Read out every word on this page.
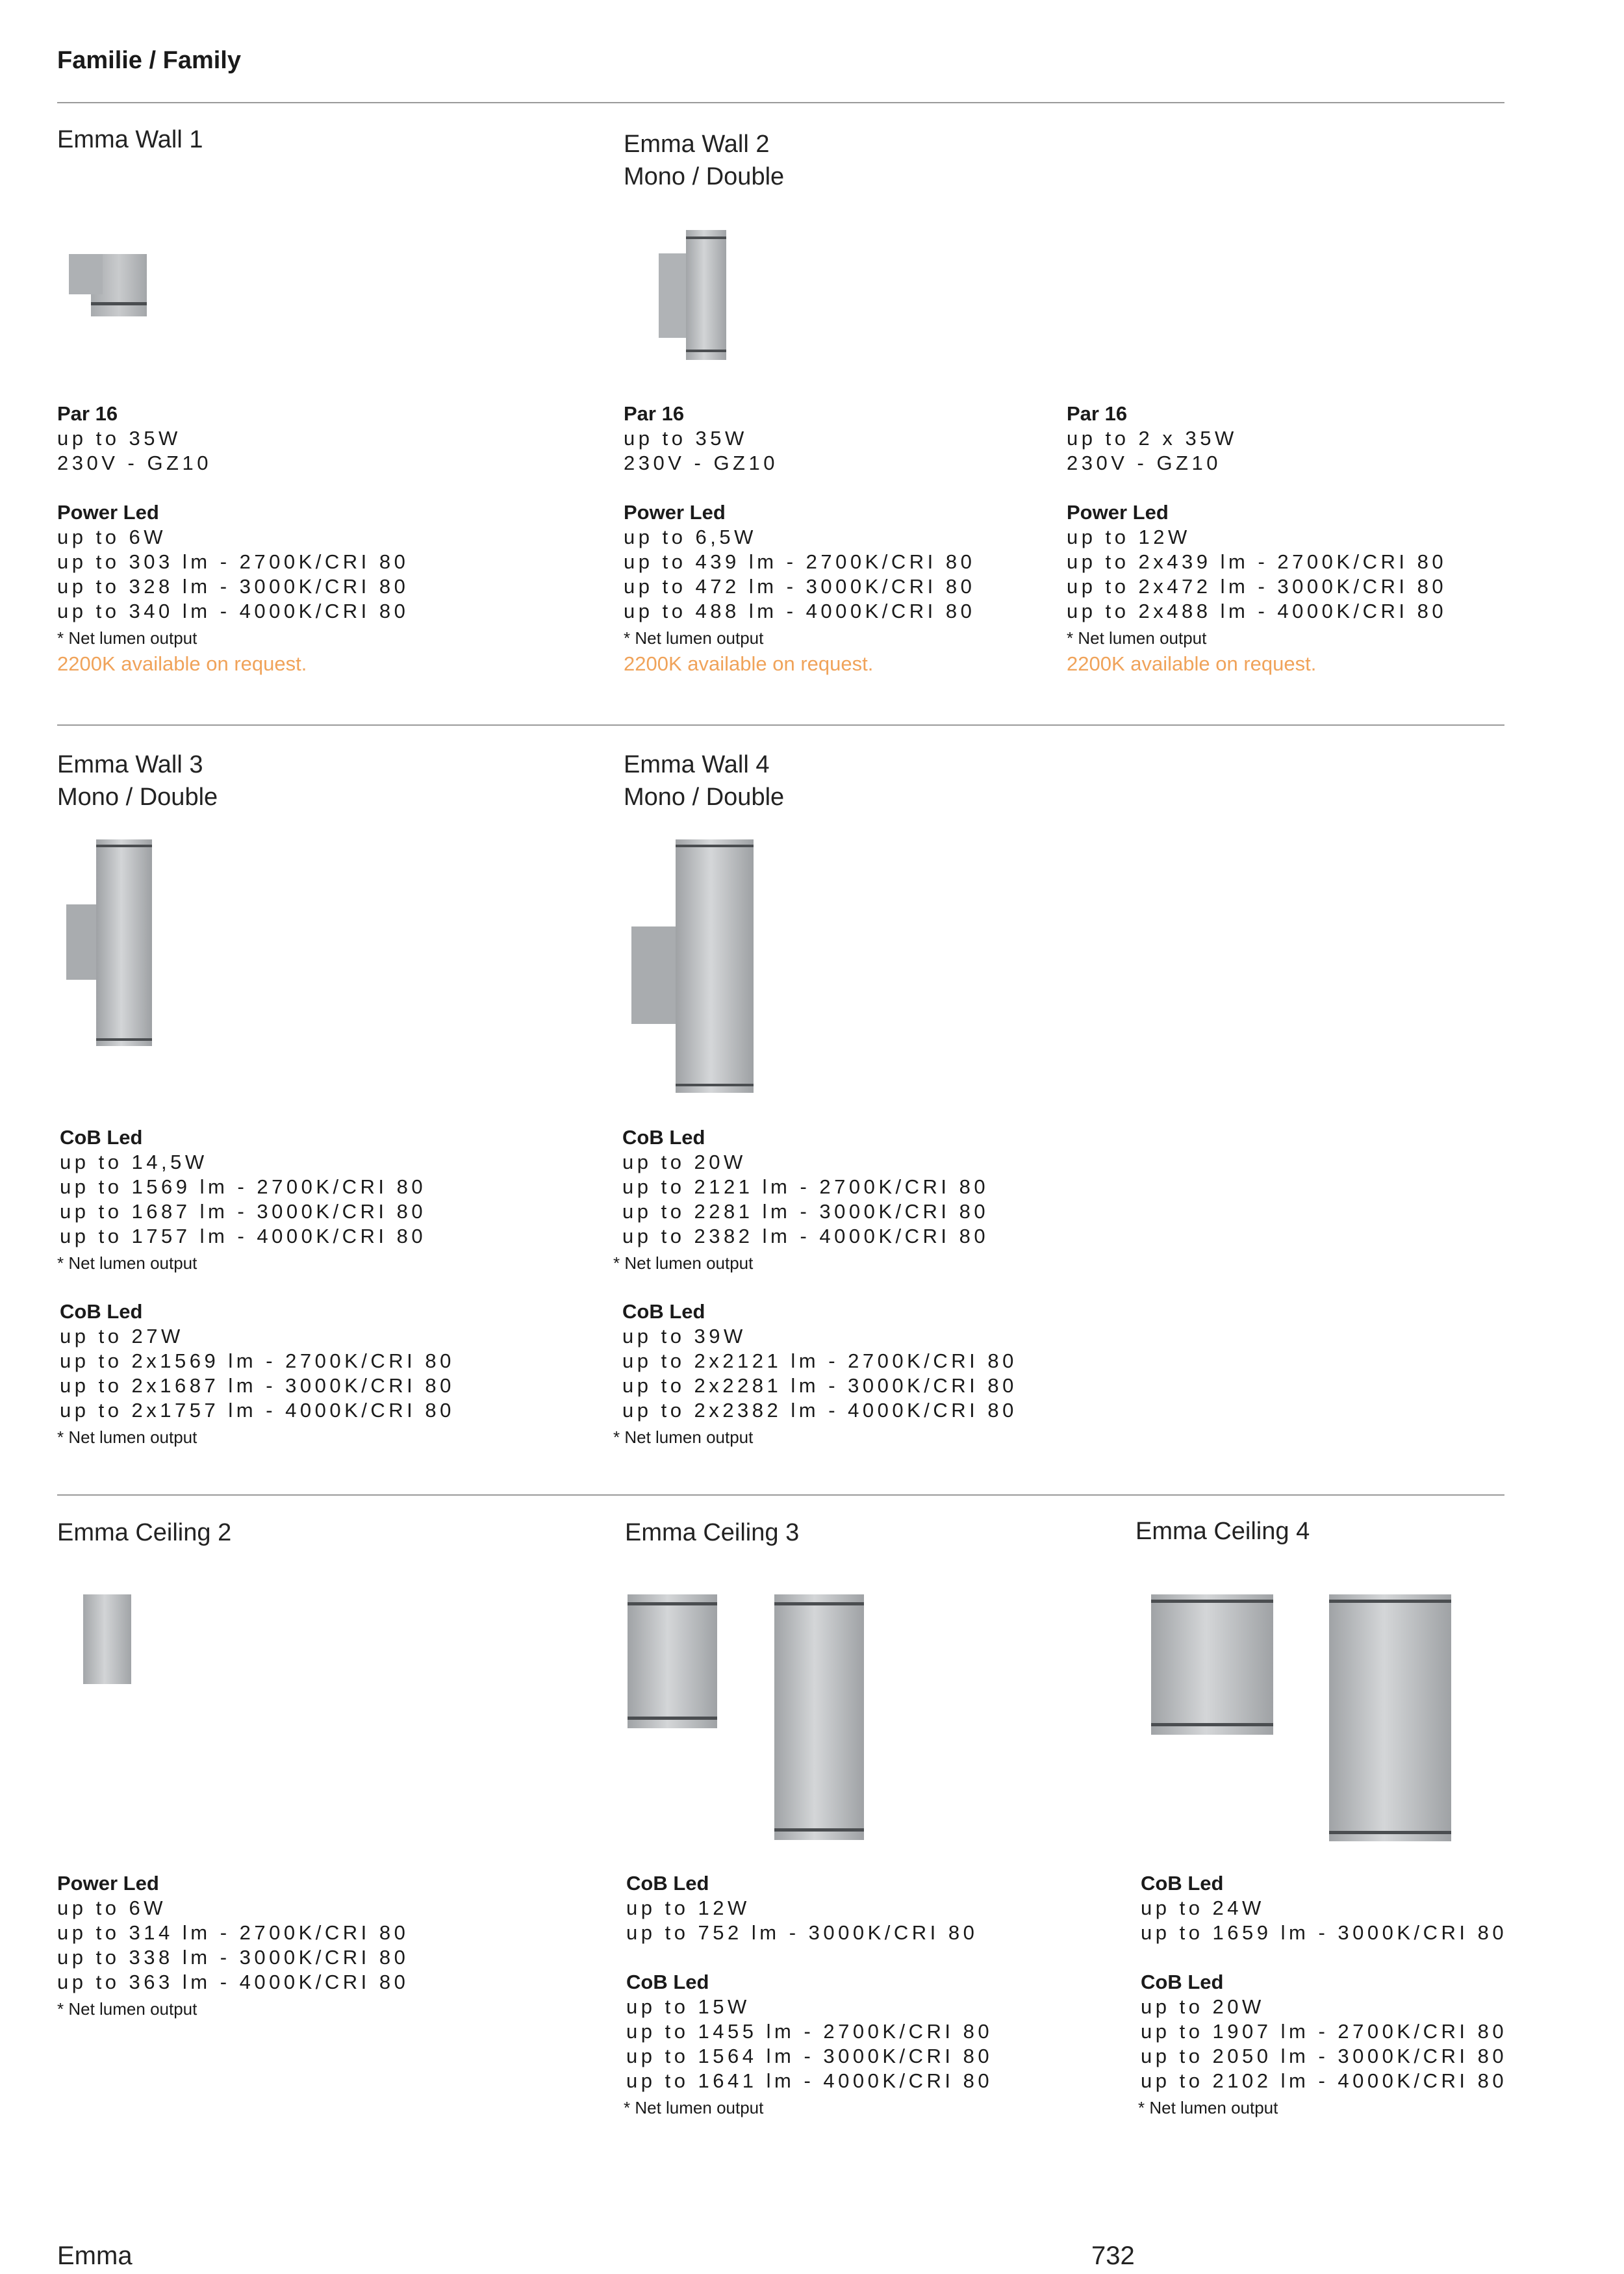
Familie / Family
Emma Wall 1	Emma Wall 2
Mono / Double
Par 16
up to 35W
230V - GZ10
Power Led
up to 6W
up to 303 lm - 2700K/CRI 80
up to 328 lm - 3000K/CRI 80
up to 340 lm - 4000K/CRI 80
* Net lumen output
2200K available on request.
Par 16
up to 35W
230V - GZ10
Power Led
up to 6,5W
up to 439 lm - 2700K/CRI 80
up to 472 lm - 3000K/CRI 80
up to 488 lm - 4000K/CRI 80
* Net lumen output
2200K available on request.
Par 16
up to 2 x 35W
230V - GZ10
Power Led
up to 12W
up to 2x439 lm - 2700K/CRI 80
up to 2x472 lm - 3000K/CRI 80
up to 2x488 lm - 4000K/CRI 80
* Net lumen output
2200K available on request.
Emma Wall 3
Mono / Double
Emma Wall 4
Mono / Double
CoB Led
up to 14,5W
up to 1569 lm - 2700K/CRI 80
up to 1687 lm - 3000K/CRI 80
up to 1757 lm - 4000K/CRI 80
* Net lumen output
CoB Led
up to 27W
up to 2x1569 lm - 2700K/CRI 80
up to 2x1687 lm - 3000K/CRI 80
up to 2x1757 lm - 4000K/CRI 80
* Net lumen output
CoB Led
up to 20W
up to 2121 lm - 2700K/CRI 80
up to 2281 lm - 3000K/CRI 80
up to 2382 lm - 4000K/CRI 80
* Net lumen output
CoB Led
up to 39W
up to 2x2121 lm - 2700K/CRI 80
up to 2x2281 lm - 3000K/CRI 80
up to 2x2382 lm - 4000K/CRI 80
* Net lumen output
Emma Ceiling 2	Emma Ceiling 3	Emma Ceiling 4
Power Led
up to 6W
up to 314 lm - 2700K/CRI 80
up to 338 lm - 3000K/CRI 80
up to 363 lm - 4000K/CRI 80
* Net lumen output
CoB Led
up to 12W
up to 752 lm - 3000K/CRI 80
CoB Led
up to 15W
up to 1455 lm - 2700K/CRI 80
up to 1564 lm - 3000K/CRI 80
up to 1641 lm - 4000K/CRI 80
* Net lumen output
CoB Led
up to 24W
up to 1659 lm - 3000K/CRI 80
CoB Led
up to 20W
up to 1907 lm - 2700K/CRI 80
up to 2050 lm - 3000K/CRI 80
up to 2102 lm - 4000K/CRI 80
* Net lumen output
Emma	732
